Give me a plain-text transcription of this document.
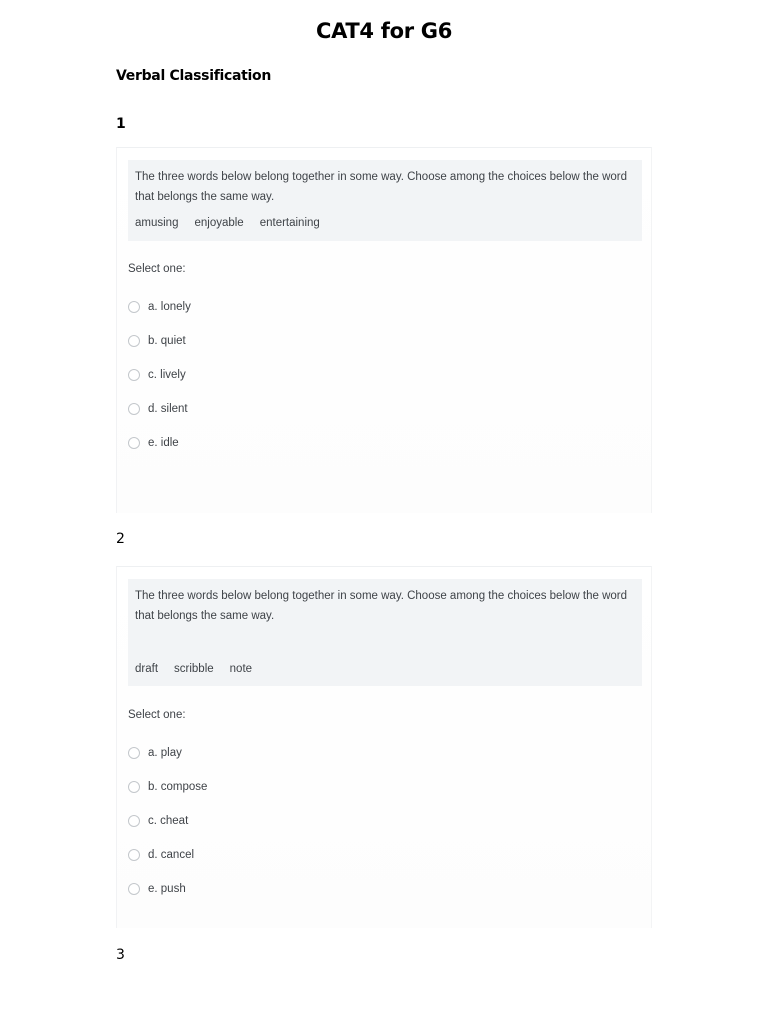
CAT4 for G6
Verbal Classification
1

The three words below belong together in some way. Choose among the choices below the word that belongs the same way.

amusing enjoyable entertaining
Select one:
a. lonely
b. quiet
c. lively
d. silent
e. idle
2

The three words below belong together in some way. Choose among the choices below the word that belongs the same way.

draft scribble note
Select one:
a. play
b. compose
c. cheat
d. cancel
e. push
3
